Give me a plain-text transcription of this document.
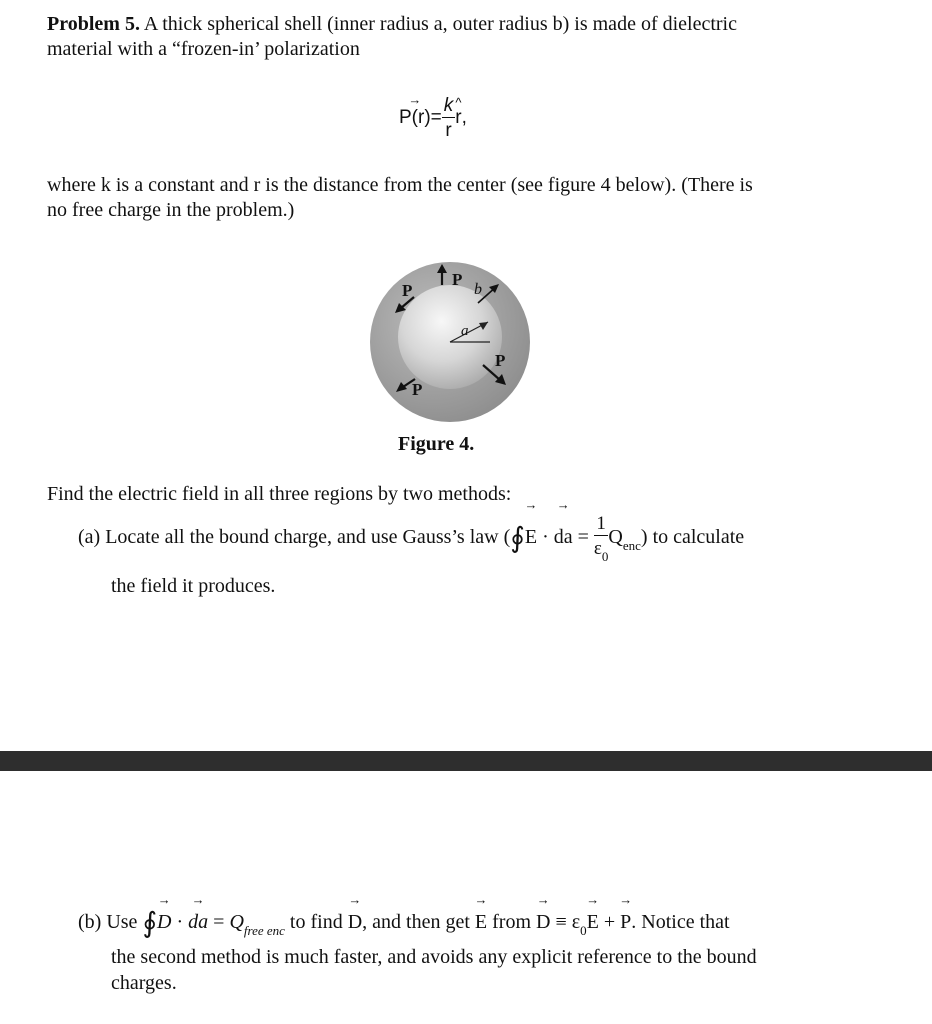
Problem 5. A thick spherical shell (inner radius a, outer radius b) is made of dielectric
material with a “frozen-in’ polarization
→ $P(r)= \frac{k}{r}$
^ r,
where k is a constant and r is the distance from the center (see figure 4 below). (There is
no free charge in the problem.)
P
P
P
P
b
a
Figure 4.
Find the electric field in all three regions by two methods:
(a) Locate all the bound charge, and use Gauss’s law (∮→ E · → da = $\frac{1}{\varepsilon_0} Q_{enc}$) to calculate
the field it produces.
(b) Use ∮→ D · → da = $Q_{free enc}$ to find → D, and then get → E from → $D \equiv \varepsilon_0\to E$ + → P. Notice that
the second method is much faster, and avoids any explicit reference to the bound
charges.
